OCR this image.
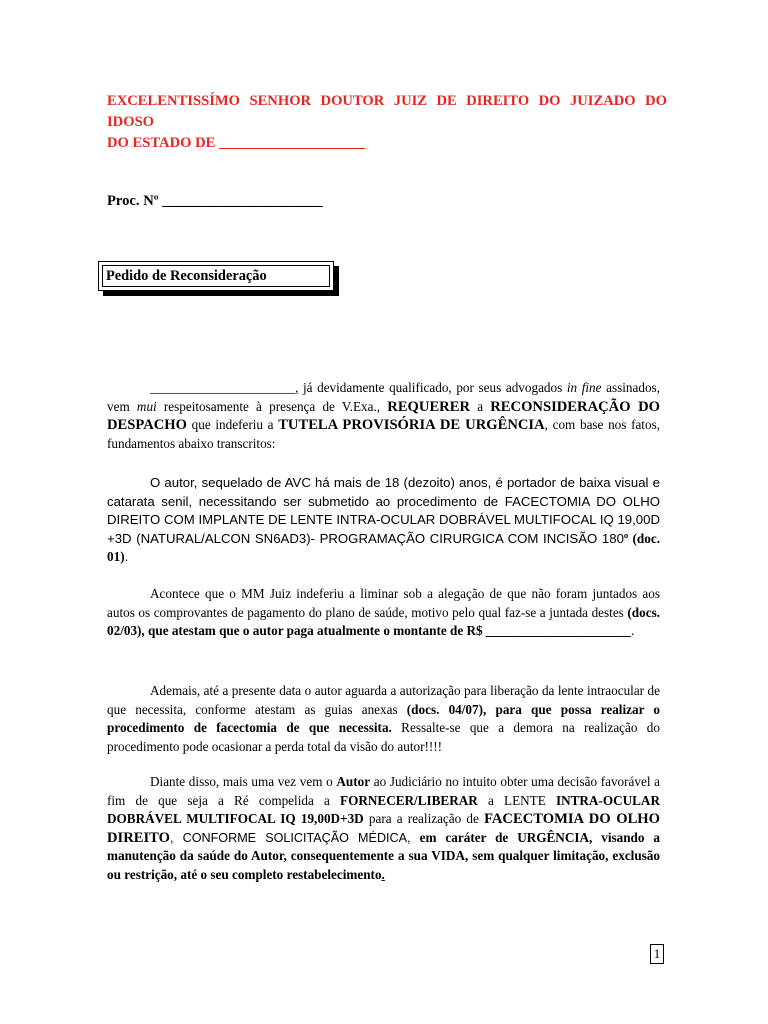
EXCELENTISSÍMO SENHOR DOUTOR JUIZ DE DIREITO DO JUIZADO DO IDOSO
DO ESTADO DE ____________________
Proc. Nº ______________________
Pedido de Reconsideração
______________________, já devidamente qualificado, por seus advogados in fine assinados, vem mui respeitosamente à presença de V.Exa., REQUERER a RECONSIDERAÇÃO DO DESPACHO que indeferiu a TUTELA PROVISÓRIA DE URGÊNCIA, com base nos fatos, fundamentos abaixo transcritos:
O autor, sequelado de AVC há mais de 18 (dezoito) anos, é portador de baixa visual e catarata senil, necessitando ser submetido ao procedimento de FACECTOMIA DO OLHO DIREITO COM IMPLANTE DE LENTE INTRA-OCULAR DOBRÁVEL MULTIFOCAL IQ 19,00D +3D (NATURAL/ALCON SN6AD3)- PROGRAMAÇÃO CIRURGICA COM INCISÃO 180º (doc. 01).
Acontece que o MM Juiz indeferiu a liminar sob a alegação de que não foram juntados aos autos os comprovantes de pagamento do plano de saúde, motivo pelo qual faz-se a juntada destes (docs. 02/03), que atestam que o autor paga atualmente o montante de R$ ______________________.
Ademais, até a presente data o autor aguarda a autorização para liberação da lente intraocular de que necessita, conforme atestam as guias anexas (docs. 04/07), para que possa realizar o procedimento de facectomia de que necessita. Ressalte-se que a demora na realização do procedimento pode ocasionar a perda total da visão do autor!!!!
Diante disso, mais uma vez vem o Autor ao Judiciário no intuito obter uma decisão favorável a fim de que seja a Ré compelida a FORNECER/LIBERAR a LENTE INTRA-OCULAR DOBRÁVEL MULTIFOCAL IQ 19,00D+3D para a realização de FACECTOMIA DO OLHO DIREITO, CONFORME SOLICITAÇÃO MÉDICA, em caráter de URGÊNCIA, visando a manutenção da saúde do Autor, consequentemente a sua VIDA, sem qualquer limitação, exclusão ou restrição, até o seu completo restabelecimento.
1
